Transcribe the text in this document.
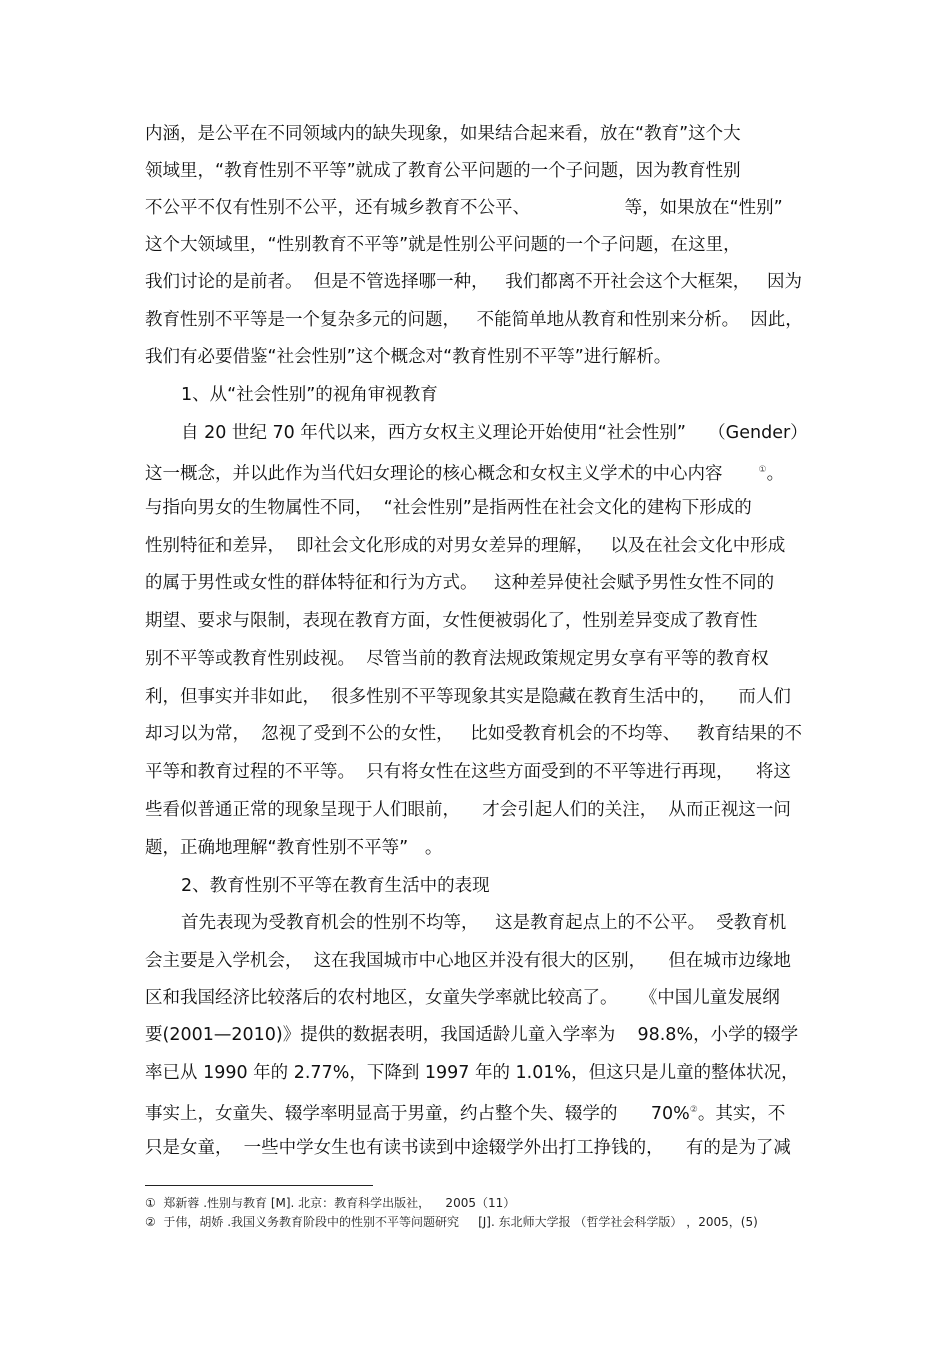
内涵，是公平在不同领域内的缺失现象，如果结合起来看，放在“教育”这个大
领域里，“教育性别不平等”就成了教育公平问题的一个子问题，因为教育性别
不公平不仅有性别不公平，还有城乡教育不公平、                 等，如果放在“性别”
这个大领域里，“性别教育不平等”就是性别公平问题的一个子问题，在这里，
我们讨论的是前者。  但是不管选择哪一种，   我们都离不开社会这个大框架，   因为
教育性别不平等是一个复杂多元的问题，   不能简单地从教育和性别来分析。  因此，
我们有必要借鉴“社会性别”这个概念对“教育性别不平等”进行解析。
1、从“社会性别”的视角审视教育
自 20 世纪 70 年代以来，西方女权主义理论开始使用“社会性别”    （Gender）
这一概念，并以此作为当代妇女理论的核心概念和女权主义学术的中心内容	①。
与指向男女的生物属性不同，  “社会性别”是指两性在社会文化的建构下形成的
性别特征和差异，  即社会文化形成的对男女差异的理解，   以及在社会文化中形成
的属于男性或女性的群体特征和行为方式。   这种差异使社会赋予男性女性不同的
期望、要求与限制，表现在教育方面，女性便被弱化了，性别差异变成了教育性
别不平等或教育性别歧视。  尽管当前的教育法规政策规定男女享有平等的教育权
利，但事实并非如此，  很多性别不平等现象其实是隐藏在教育生活中的，    而人们
却习以为常，  忽视了受到不公的女性，   比如受教育机会的不均等、   教育结果的不
平等和教育过程的不平等。  只有将女性在这些方面受到的不平等进行再现，    将这
些看似普通正常的现象呈现于人们眼前，    才会引起人们的关注，  从而正视这一问
题，正确地理解“教育性别不平等”   。
2、教育性别不平等在教育生活中的表现
首先表现为受教育机会的性别不均等，   这是教育起点上的不公平。  受教育机
会主要是入学机会，  这在我国城市中心地区并没有很大的区别，    但在城市边缘地
区和我国经济比较落后的农村地区，女童失学率就比较高了。    《中国儿童发展纲
要(2001—2010)》提供的数据表明，我国适龄儿童入学率为    98.8%，小学的辍学
率已从 1990 年的 2.77%，下降到 1997 年的 1.01%，但这只是儿童的整体状况，
事实上，女童失、辍学率明显高于男童，约占整个失、辍学的      70%②。其实，不
只是女童，  一些中学女生也有读书读到中途辍学外出打工挣钱的，    有的是为了减
①  郑新蓉 .性别与教育 [M]. 北京：教育科学出版社，    2005（11）
②  于伟，胡娇 .我国义务教育阶段中的性别不平等问题研究     [J]. 东北师大学报 （哲学社会科学版） ，2005，(5)
